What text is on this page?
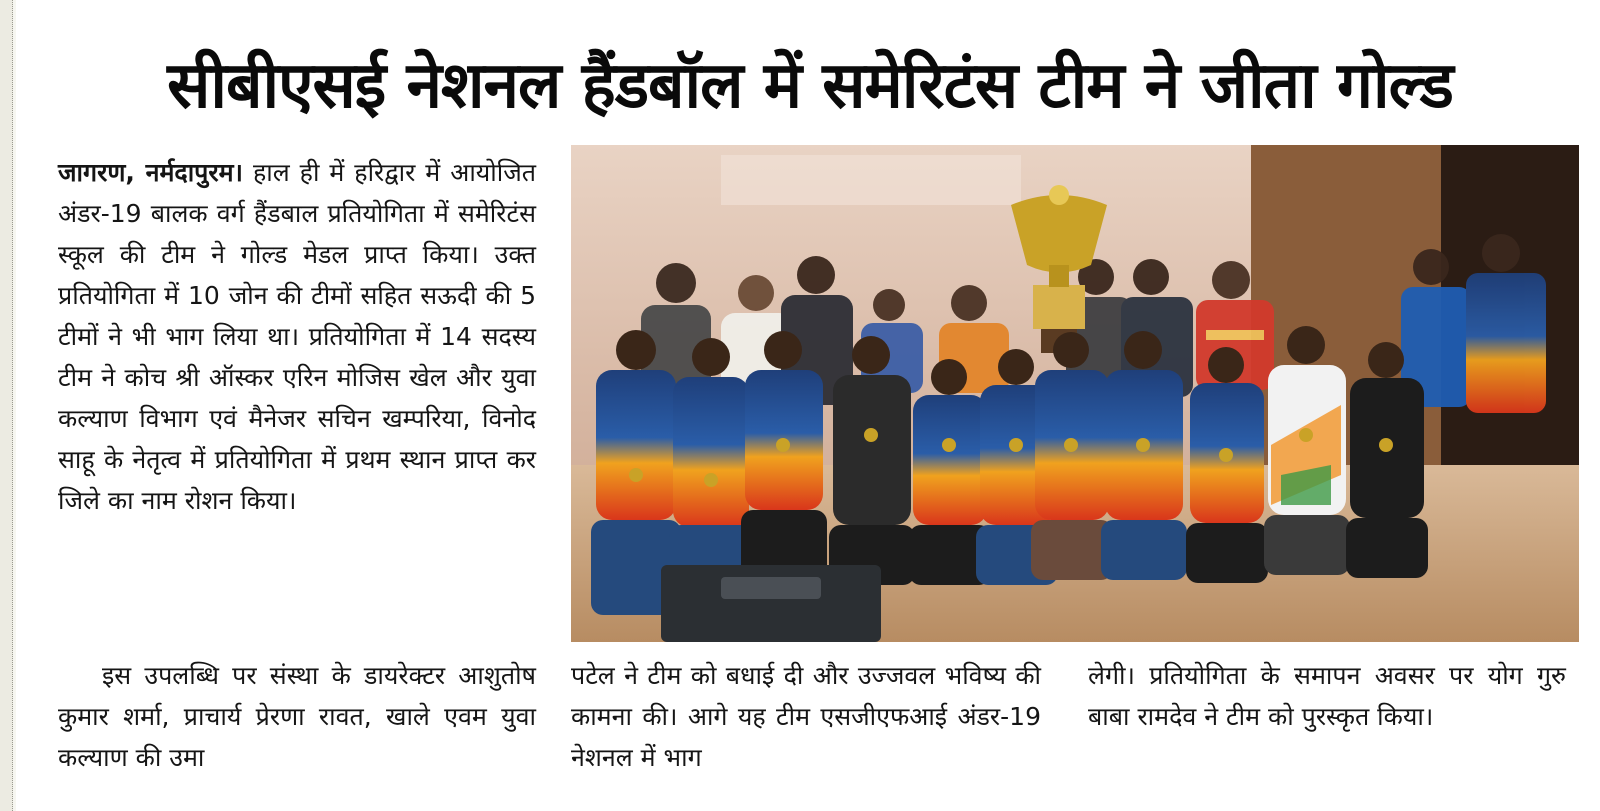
सीबीएसई नेशनल हैंडबॉल में समेरिटंस टीम ने जीता गोल्ड

जागरण, नर्मदापुरम। हाल ही में हरिद्वार में आयोजित अंडर-19 बालक वर्ग हैंडबाल प्रतियोगिता में समेरिटंस स्कूल की टीम ने गोल्ड मेडल प्राप्त किया। उक्त प्रतियोगिता में 10 जोन की टीमों सहित सऊदी की 5 टीमों ने भी भाग लिया था। प्रतियोगिता में 14 सदस्य टीम ने कोच श्री ऑस्कर एरिन मोजिस खेल और युवा कल्याण विभाग एवं मैनेजर सचिन खम्परिया, विनोद साहू के नेतृत्व में प्रतियोगिता में प्रथम स्थान प्राप्त कर जिले का नाम रोशन किया।

इस उपलब्धि पर संस्था के डायरेक्टर आशुतोष कुमार शर्मा, प्राचार्य प्रेरणा रावत, खाले एवम युवा कल्याण की उमा

पटेल ने टीम को बधाई दी और उज्जवल भविष्य की कामना की। आगे यह टीम एसजीएफआई अंडर-19 नेशनल में भाग

लेगी। प्रतियोगिता के समापन अवसर पर योग गुरु बाबा रामदेव ने टीम को पुरस्कृत किया।
